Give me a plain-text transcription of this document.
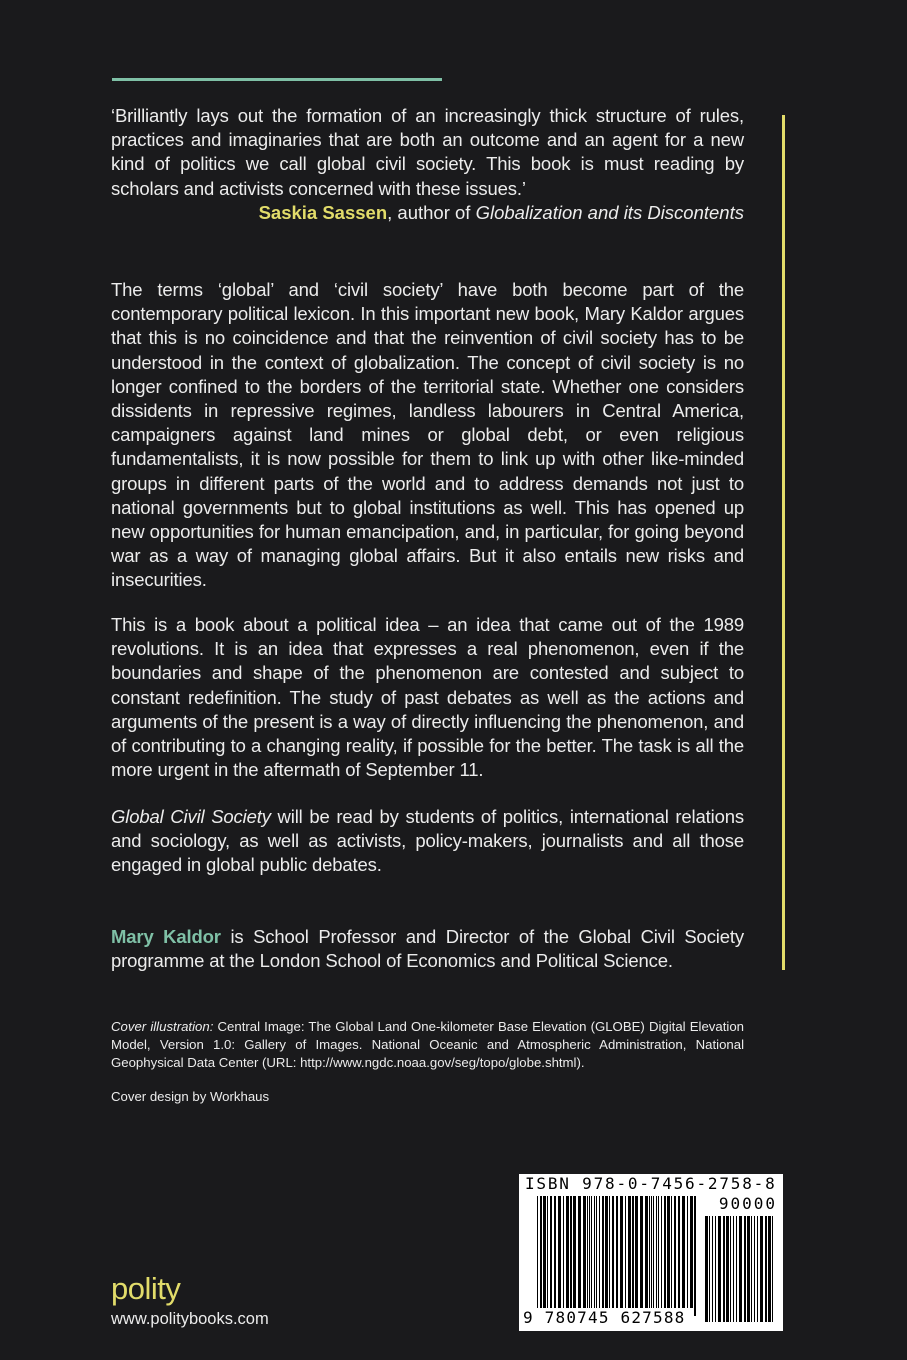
‘Brilliantly lays out the formation of an increasingly thick structure of rules, practices and imaginaries that are both an outcome and an agent for a new kind of politics we call global civil society. This book is must reading by scholars and activists concerned with these issues.’

Saskia Sassen, author of Globalization and its Discontents

The terms ‘global’ and ‘civil society’ have both become part of the contemporary political lexicon. In this important new book, Mary Kaldor argues that this is no coincidence and that the reinvention of civil society has to be understood in the context of globalization. The concept of civil society is no longer confined to the borders of the territorial state. Whether one considers dissidents in repressive regimes, landless labourers in Central America, campaigners against land mines or global debt, or even religious fundamentalists, it is now possible for them to link up with other like-minded groups in different parts of the world and to address demands not just to national governments but to global institutions as well. This has opened up new opportunities for human emancipation, and, in particular, for going beyond war as a way of managing global affairs. But it also entails new risks and insecurities.

This is a book about a political idea – an idea that came out of the 1989 revolutions. It is an idea that expresses a real phenomenon, even if the boundaries and shape of the phenomenon are contested and subject to constant redefinition. The study of past debates as well as the actions and arguments of the present is a way of directly influencing the phenomenon, and of contributing to a changing reality, if possible for the better. The task is all the more urgent in the aftermath of September 11.

Global Civil Society will be read by students of politics, international relations and sociology, as well as activists, policy-makers, journalists and all those engaged in global public debates.

Mary Kaldor is School Professor and Director of the Global Civil Society programme at the London School of Economics and Political Science.

Cover illustration: Central Image: The Global Land One-kilometer Base Elevation (GLOBE) Digital Elevation Model, Version 1.0: Gallery of Images. National Oceanic and Atmospheric Administration, National Geophysical Data Center (URL: http://www.ngdc.noaa.gov/seg/topo/globe.shtml).

Cover design by Workhaus

ISBN 978-0-7456-2758-8
90000
9 780745 627588
polity
www.politybooks.com
